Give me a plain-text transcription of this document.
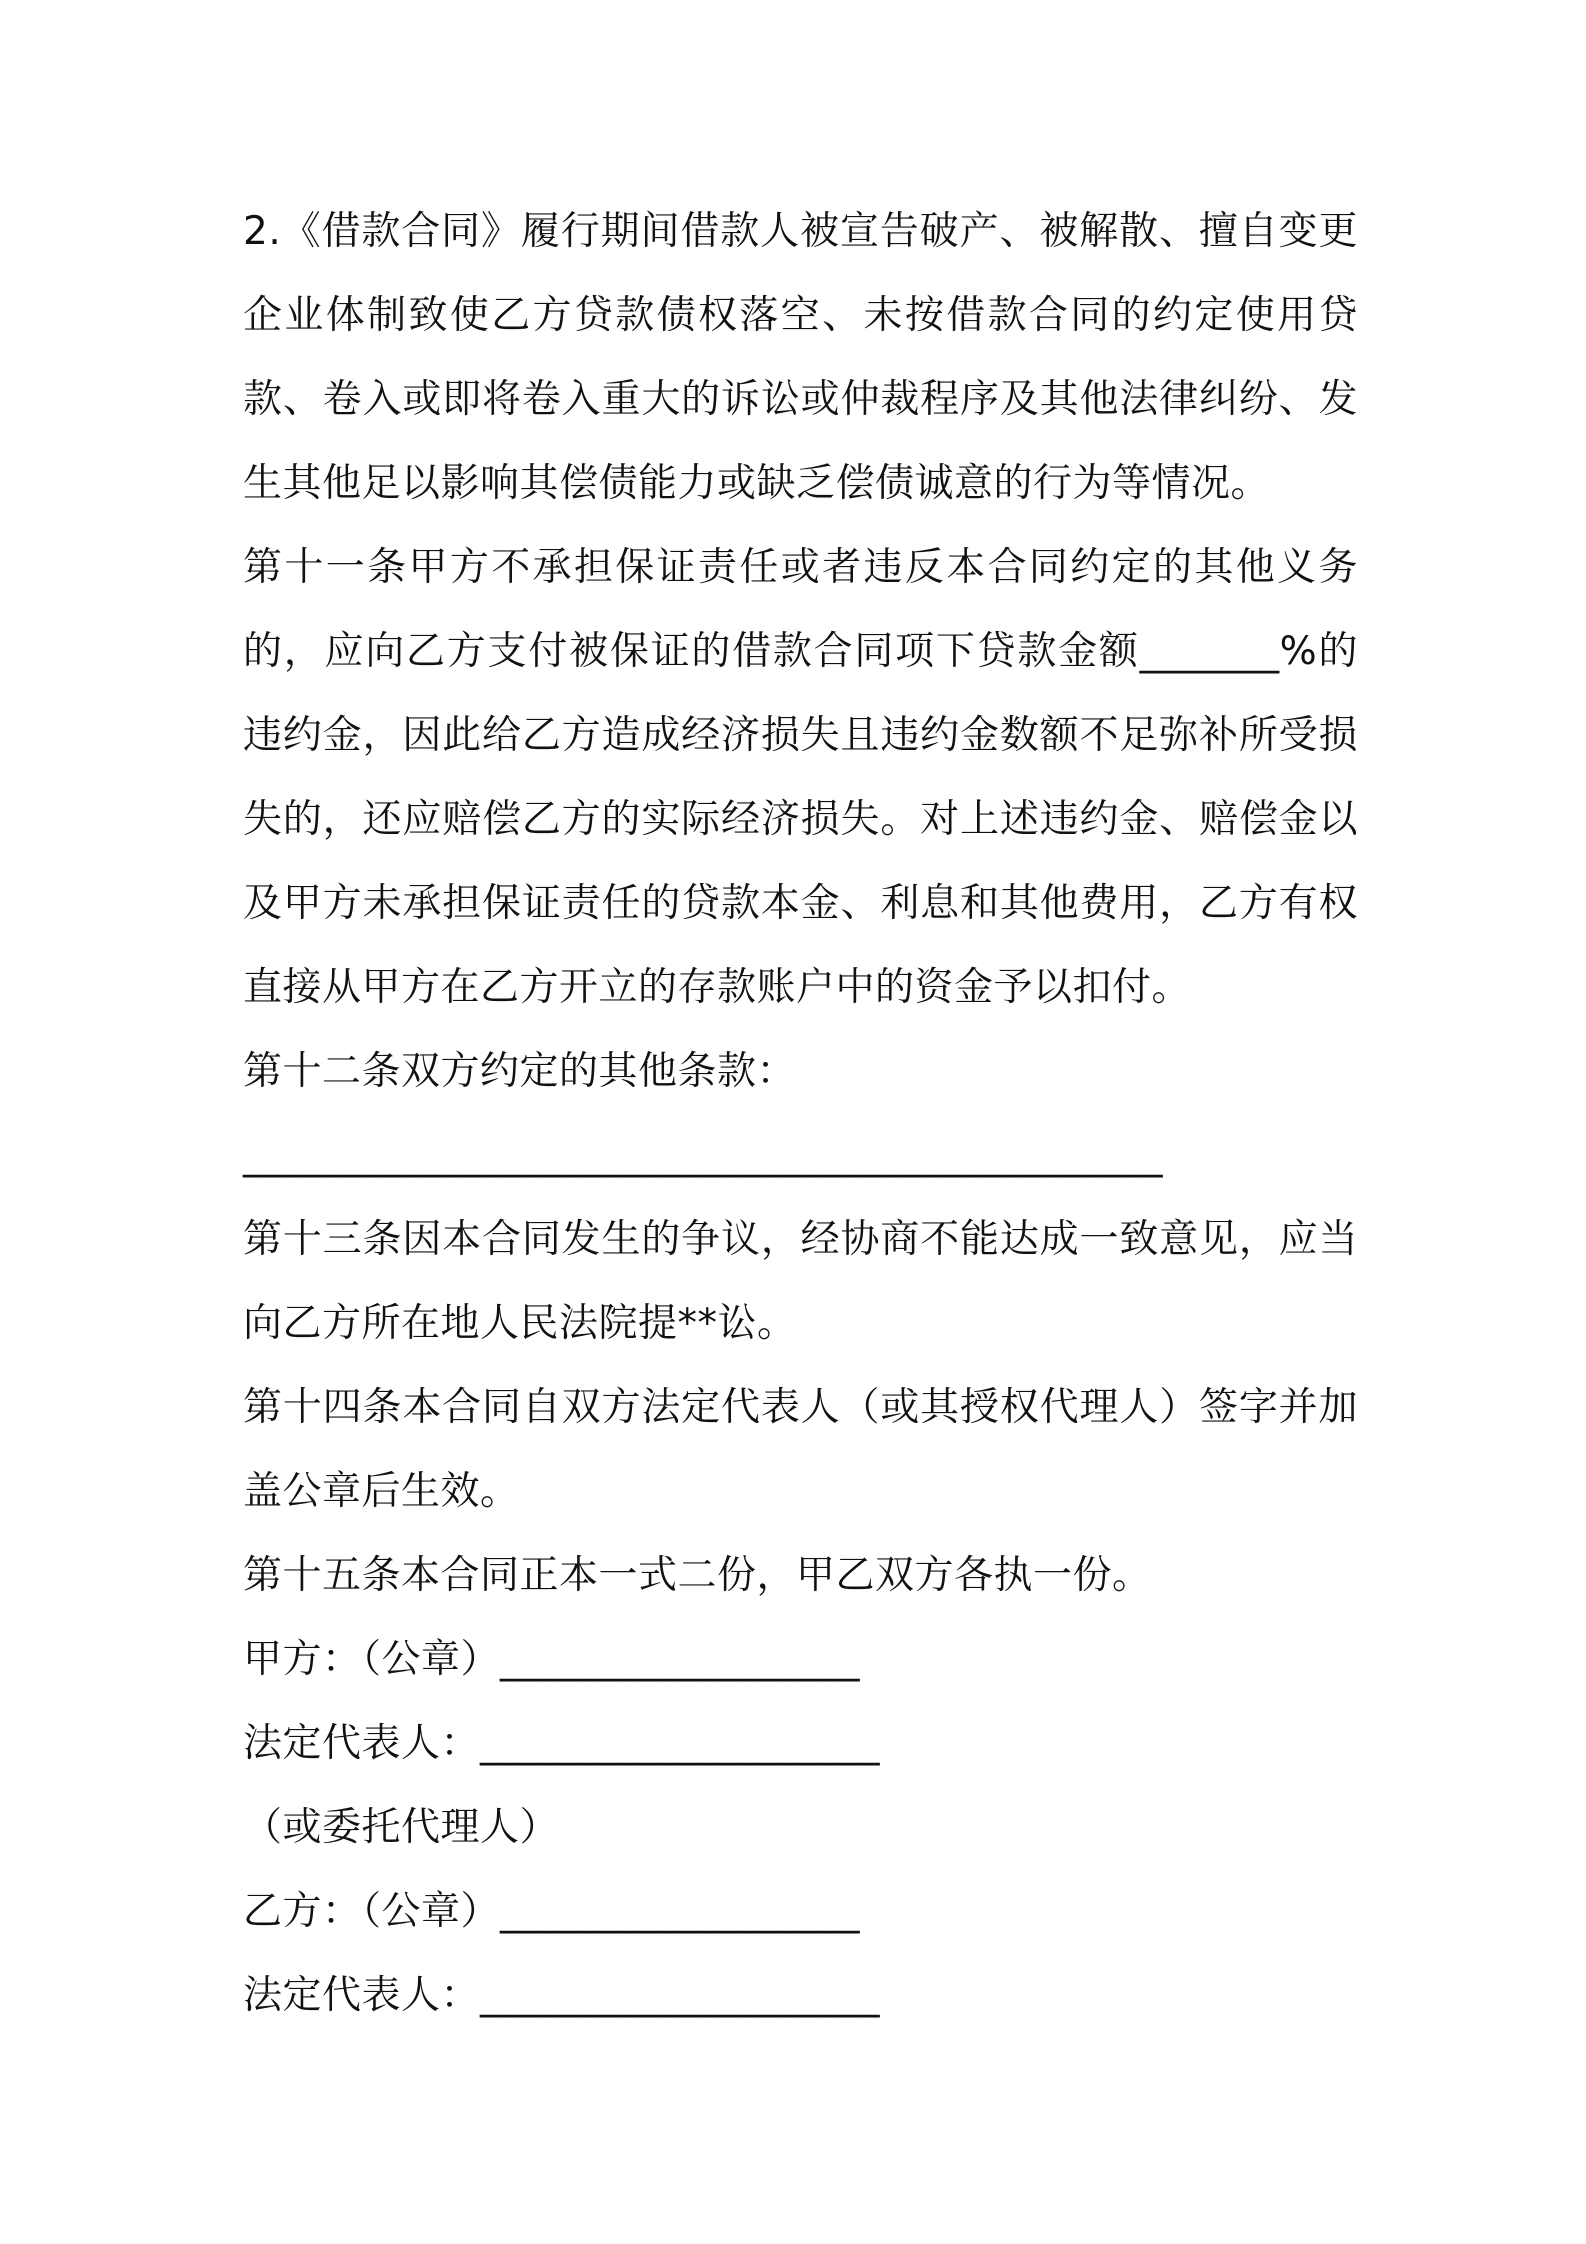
2.《借款合同》履行期间借款人被宣告破产、被解散、擅自变更企业体制致使乙方贷款债权落空、未按借款合同的约定使用贷款、卷入或即将卷入重大的诉讼或仲裁程序及其他法律纠纷、发生其他足以影响其偿债能力或缺乏偿债诚意的行为等情况。

第十一条甲方不承担保证责任或者违反本合同约定的其他义务的，应向乙方支付被保证的借款合同项下贷款金额_______%的违约金，因此给乙方造成经济损失且违约金数额不足弥补所受损失的，还应赔偿乙方的实际经济损失。对上述违约金、赔偿金以及甲方未承担保证责任的贷款本金、利息和其他费用，乙方有权直接从甲方在乙方开立的存款账户中的资金予以扣付。

第十二条双方约定的其他条款：

______________________________________________

第十三条因本合同发生的争议，经协商不能达成一致意见，应当向乙方所在地人民法院提**讼。

第十四条本合同自双方法定代表人（或其授权代理人）签字并加盖公章后生效。

第十五条本合同正本一式二份，甲乙双方各执一份。

甲方：（公章）__________________

法定代表人：____________________

（或委托代理人）

乙方：（公章）__________________

法定代表人：____________________
